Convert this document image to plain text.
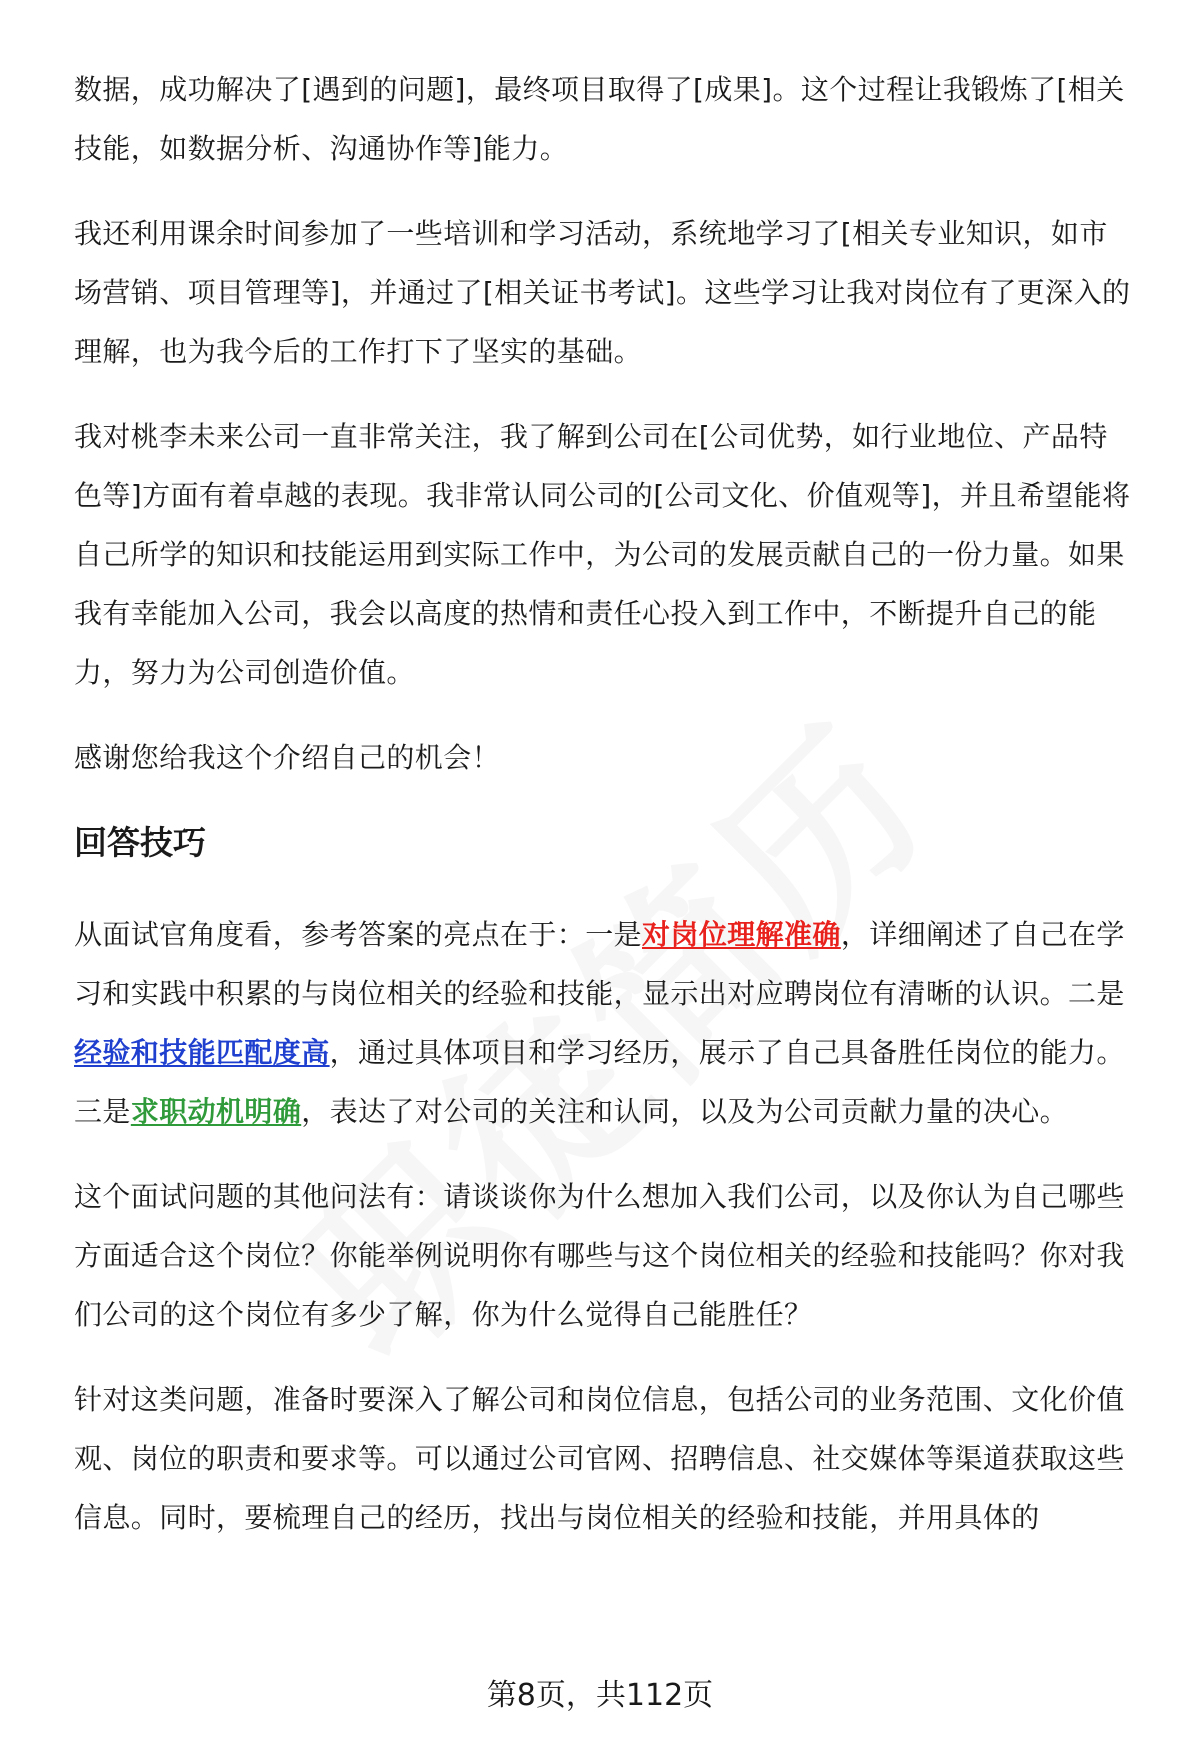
数据，成功解决了[遇到的问题]，最终项目取得了[成果]。这个过程让我锻炼了[相关技能，如数据分析、沟通协作等]能力。

我还利用课余时间参加了一些培训和学习活动，系统地学习了[相关专业知识，如市场营销、项目管理等]，并通过了[相关证书考试]。这些学习让我对岗位有了更深入的理解，也为我今后的工作打下了坚实的基础。

我对桃李未来公司一直非常关注，我了解到公司在[公司优势，如行业地位、产品特色等]方面有着卓越的表现。我非常认同公司的[公司文化、价值观等]，并且希望能将自己所学的知识和技能运用到实际工作中，为公司的发展贡献自己的一份力量。如果我有幸能加入公司，我会以高度的热情和责任心投入到工作中，不断提升自己的能力，努力为公司创造价值。

感谢您给我这个介绍自己的机会！

回答技巧

从面试官角度看，参考答案的亮点在于：一是对岗位理解准确，详细阐述了自己在学习和实践中积累的与岗位相关的经验和技能，显示出对应聘岗位有清晰的认识。二是经验和技能匹配度高，通过具体项目和学习经历，展示了自己具备胜任岗位的能力。三是求职动机明确，表达了对公司的关注和认同，以及为公司贡献力量的决心。

这个面试问题的其他问法有：请谈谈你为什么想加入我们公司，以及你认为自己哪些方面适合这个岗位？你能举例说明你有哪些与这个岗位相关的经验和技能吗？你对我们公司的这个岗位有多少了解，你为什么觉得自己能胜任？

针对这类问题，准备时要深入了解公司和岗位信息，包括公司的业务范围、文化价值观、岗位的职责和要求等。可以通过公司官网、招聘信息、社交媒体等渠道获取这些信息。同时，要梳理自己的经历，找出与岗位相关的经验和技能，并用具体的

第8页，共112页
